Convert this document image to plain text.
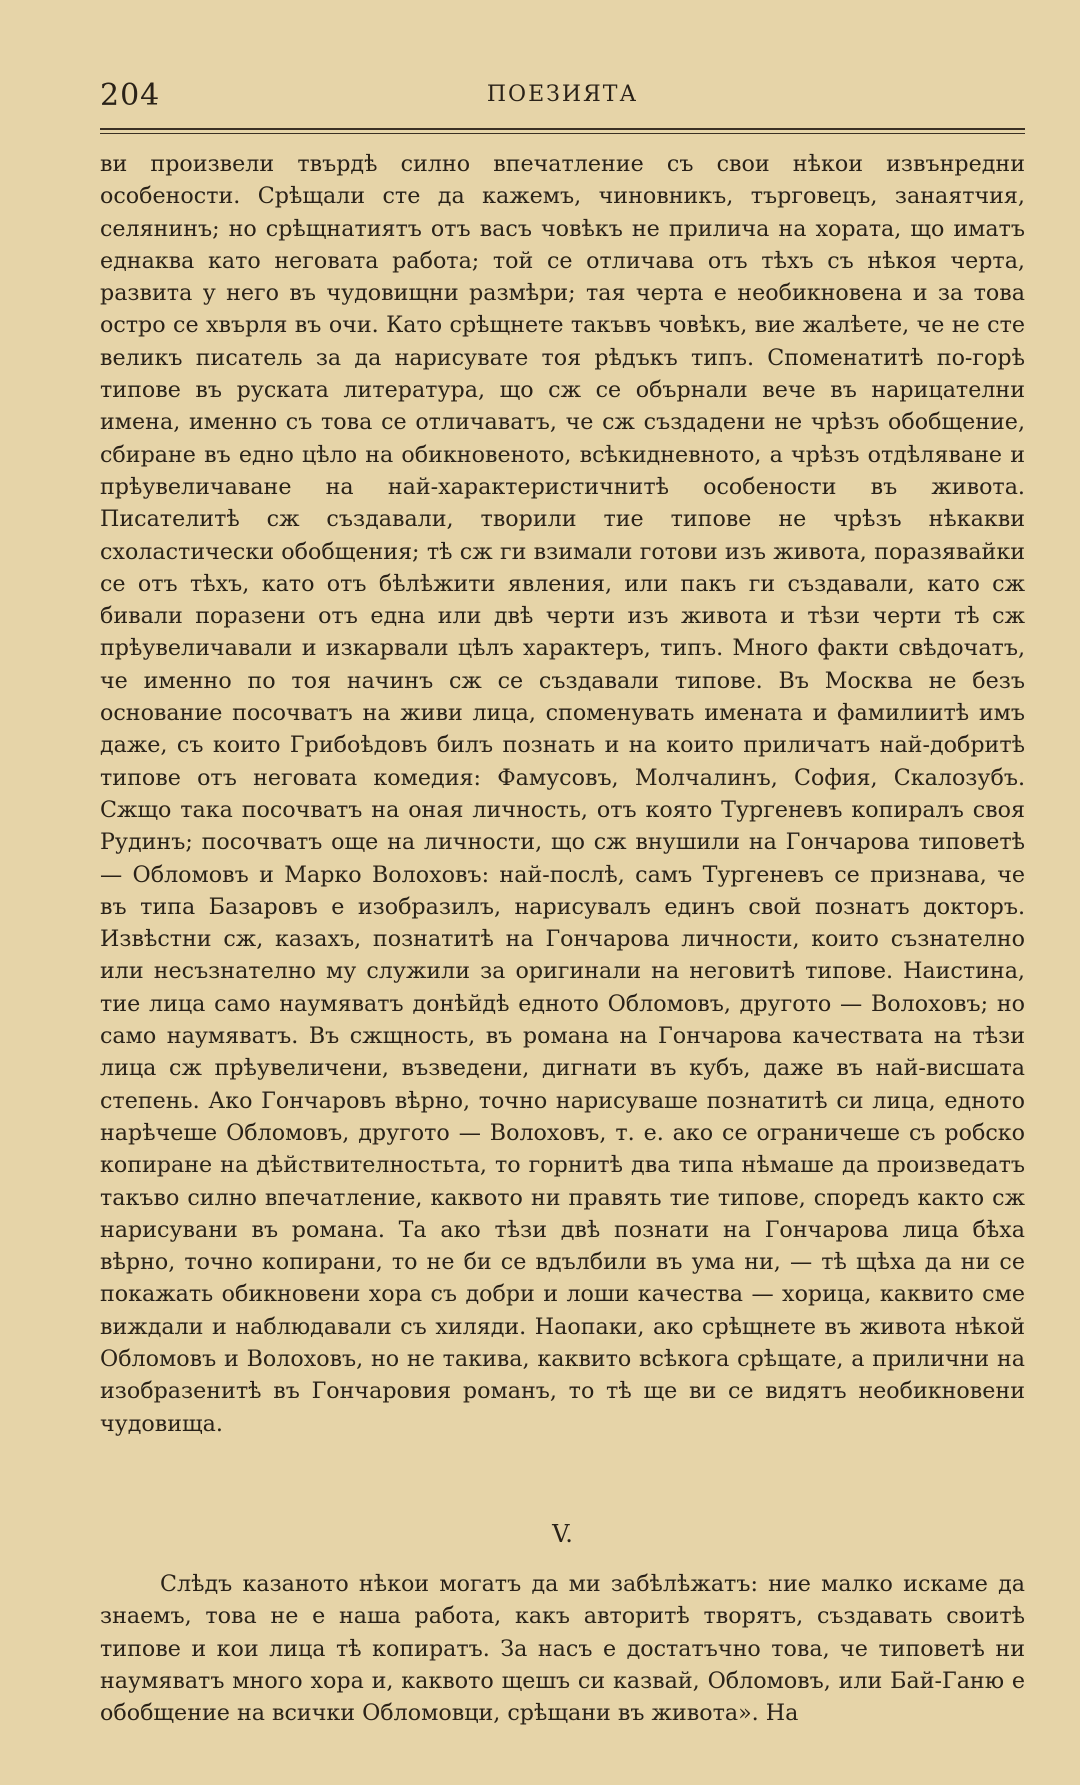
204	ПОЕЗИЯТА

ви произвели твърдѣ силно впечатление съ свои нѣкои извънредни особености. Срѣщали сте да кажемъ, чиновникъ, търговецъ, занаятчия, селянинъ; но срѣщнатиятъ отъ васъ човѣкъ не прилича на хората, що иматъ еднаква като неговата работа; той се отличава отъ тѣхъ съ нѣкоя черта, развита у него въ чудовищни размѣри; тая черта е необикновена и за това остро се хвърля въ очи. Като срѣщнете такъвъ човѣкъ, вие жалѣете, че не сте великъ писатель за да нарисувате тоя рѣдъкъ типъ. Споменатитѣ по-горѣ типове въ руската литература, що сж се обърнали вече въ нарицателни имена, именно съ това се отличаватъ, че сж създадени не чрѣзъ обобщение, сбиране въ едно цѣло на обикновеното, всѣкидневното, а чрѣзъ отдѣляване и прѣувеличаване на най-характеристичнитѣ особености въ живота. Писателитѣ сж създавали, творили тие типове не чрѣзъ нѣкакви схоластически обобщения; тѣ сж ги взимали готови изъ живота, поразявайки се отъ тѣхъ, като отъ бѣлѣжити явления, или пакъ ги създавали, като сж бивали поразени отъ една или двѣ черти изъ живота и тѣзи черти тѣ сж прѣувеличавали и изкарвали цѣлъ характеръ, типъ. Много факти свѣдочатъ, че именно по тоя начинъ сж се създавали типове. Въ Москва не безъ основание посочватъ на живи лица, споменувать имената и фамилиитѣ имъ даже, съ които Грибоѣдовъ билъ познать и на които приличатъ най-добритѣ типове отъ неговата комедия: Фамусовъ, Молчалинъ, София, Скалозубъ. Сжщо така посочватъ на оная личность, отъ която Тургеневъ копиралъ своя Рудинъ; посочватъ още на личности, що сж внушили на Гончарова типоветѣ — Обломовъ и Марко Волоховъ: най-послѣ, самъ Тургеневъ се признава, че въ типа Базаровъ е изобразилъ, нарисувалъ единъ свой познатъ докторъ. Извѣстни сж, казахъ, познатитѣ на Гончарова личности, които съзнателно или несъзнателно му служили за оригинали на неговитѣ типове. Наистина, тие лица само наумяватъ донѣйдѣ едното Обломовъ, другото — Волоховъ; но само наумяватъ. Въ сжщность, въ романа на Гончарова качествата на тѣзи лица сж прѣувеличени, възведени, дигнати въ кубъ, даже въ най-висшата степень. Ако Гончаровъ вѣрно, точно нарисуваше познатитѣ си лица, едното нарѣчеше Обломовъ, другото — Волоховъ, т. е. ако се ограничеше съ робско копиране на дѣйствителностьта, то горнитѣ два типа нѣмаше да произведатъ такъво силно впечатление, каквото ни правять тие типове, споредъ както сж нарисувани въ романа. Та ако тѣзи двѣ познати на Гончарова лица бѣха вѣрно, точно копирани, то не би се вдълбили въ ума ни, — тѣ щѣха да ни се покажать обикновени хора съ добри и лоши качества — хорица, каквито сме виждали и наблюдавали съ хиляди. Наопаки, ако срѣщнете въ живота нѣкой Обломовъ и Волоховъ, но не такива, каквито всѣкога срѣщате, а прилични на изобразенитѣ въ Гончаровия романъ, то тѣ ще ви се видятъ необикновени чудовища.

V.

Слѣдъ казаното нѣкои могатъ да ми забѣлѣжатъ: ние малко искаме да знаемъ, това не е наша работа, какъ авторитѣ творятъ, създавать своитѣ типове и кои лица тѣ копиратъ. За насъ е достатъчно това, че типоветѣ ни наумяватъ много хора и, каквото щешъ си казвай, Обломовъ, или Бай-Ганю е обобщение на всички Обломовци, срѣщани въ живота». На
